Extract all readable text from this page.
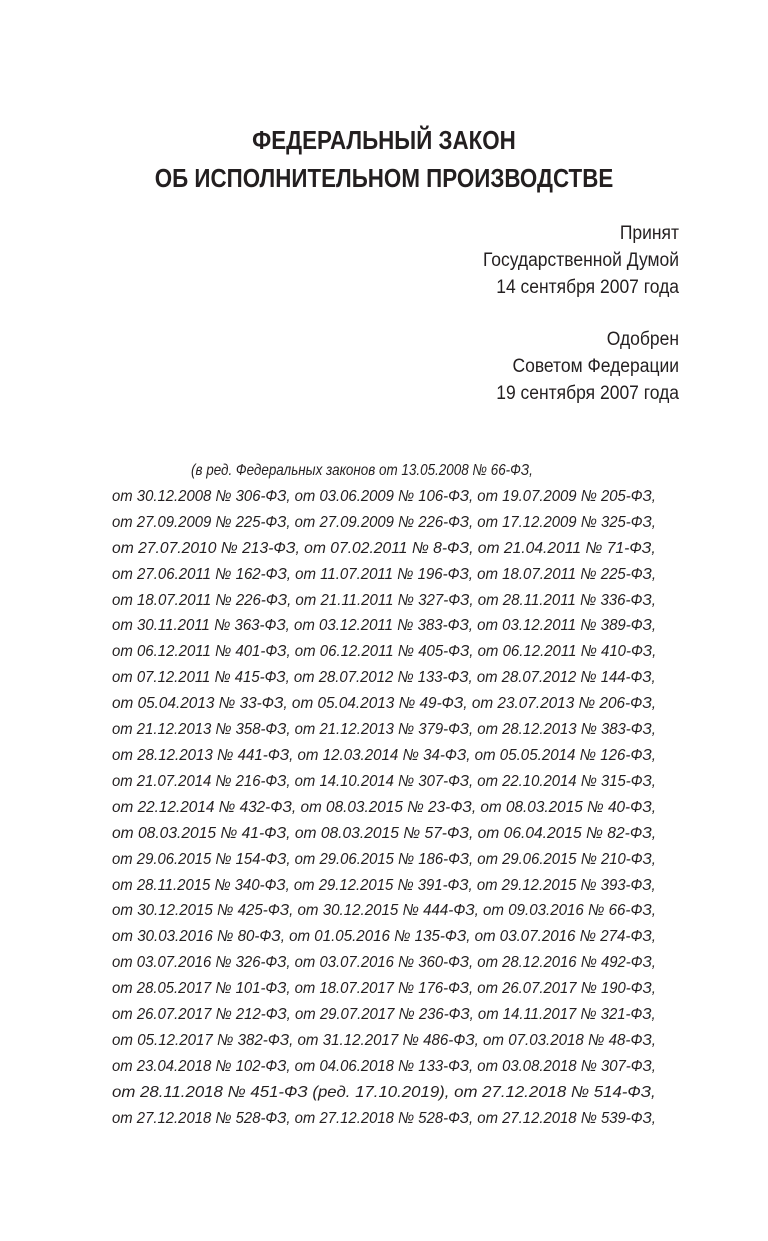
ФЕДЕРАЛЬНЫЙ ЗАКОН
ОБ ИСПОЛНИТЕЛЬНОМ ПРОИЗВОДСТВЕ
Принят
Государственной Думой
14 сентября 2007 года
Одобрен
Советом Федерации
19 сентября 2007 года
(в ред. Федеральных законов от 13.05.2008 № 66-ФЗ,
от 30.12.2008 № 306-ФЗ, от 03.06.2009 № 106-ФЗ, от 19.07.2009 № 205-ФЗ,
от 27.09.2009 № 225-ФЗ, от 27.09.2009 № 226-ФЗ, от 17.12.2009 № 325-ФЗ,
от 27.07.2010 № 213-ФЗ, от 07.02.2011 № 8-ФЗ, от 21.04.2011 № 71-ФЗ,
от 27.06.2011 № 162-ФЗ, от 11.07.2011 № 196-ФЗ, от 18.07.2011 № 225-ФЗ,
от 18.07.2011 № 226-ФЗ, от 21.11.2011 № 327-ФЗ, от 28.11.2011 № 336-ФЗ,
от 30.11.2011 № 363-ФЗ, от 03.12.2011 № 383-ФЗ, от 03.12.2011 № 389-ФЗ,
от 06.12.2011 № 401-ФЗ, от 06.12.2011 № 405-ФЗ, от 06.12.2011 № 410-ФЗ,
от 07.12.2011 № 415-ФЗ, от 28.07.2012 № 133-ФЗ, от 28.07.2012 № 144-ФЗ,
от 05.04.2013 № 33-ФЗ, от 05.04.2013 № 49-ФЗ, от 23.07.2013 № 206-ФЗ,
от 21.12.2013 № 358-ФЗ, от 21.12.2013 № 379-ФЗ, от 28.12.2013 № 383-ФЗ,
от 28.12.2013 № 441-ФЗ, от 12.03.2014 № 34-ФЗ, от 05.05.2014 № 126-ФЗ,
от 21.07.2014 № 216-ФЗ, от 14.10.2014 № 307-ФЗ, от 22.10.2014 № 315-ФЗ,
от 22.12.2014 № 432-ФЗ, от 08.03.2015 № 23-ФЗ, от 08.03.2015 № 40-ФЗ,
от 08.03.2015 № 41-ФЗ, от 08.03.2015 № 57-ФЗ, от 06.04.2015 № 82-ФЗ,
от 29.06.2015 № 154-ФЗ, от 29.06.2015 № 186-ФЗ, от 29.06.2015 № 210-ФЗ,
от 28.11.2015 № 340-ФЗ, от 29.12.2015 № 391-ФЗ, от 29.12.2015 № 393-ФЗ,
от 30.12.2015 № 425-ФЗ, от 30.12.2015 № 444-ФЗ, от 09.03.2016 № 66-ФЗ,
от 30.03.2016 № 80-ФЗ, от 01.05.2016 № 135-ФЗ, от 03.07.2016 № 274-ФЗ,
от 03.07.2016 № 326-ФЗ, от 03.07.2016 № 360-ФЗ, от 28.12.2016 № 492-ФЗ,
от 28.05.2017 № 101-ФЗ, от 18.07.2017 № 176-ФЗ, от 26.07.2017 № 190-ФЗ,
от 26.07.2017 № 212-ФЗ, от 29.07.2017 № 236-ФЗ, от 14.11.2017 № 321-ФЗ,
от 05.12.2017 № 382-ФЗ, от 31.12.2017 № 486-ФЗ, от 07.03.2018 № 48-ФЗ,
от 23.04.2018 № 102-ФЗ, от 04.06.2018 № 133-ФЗ, от 03.08.2018 № 307-ФЗ,
от 28.11.2018 № 451-ФЗ (ред. 17.10.2019), от 27.12.2018 № 514-ФЗ,
от 27.12.2018 № 528-ФЗ, от 27.12.2018 № 528-ФЗ, от 27.12.2018 № 539-ФЗ,
